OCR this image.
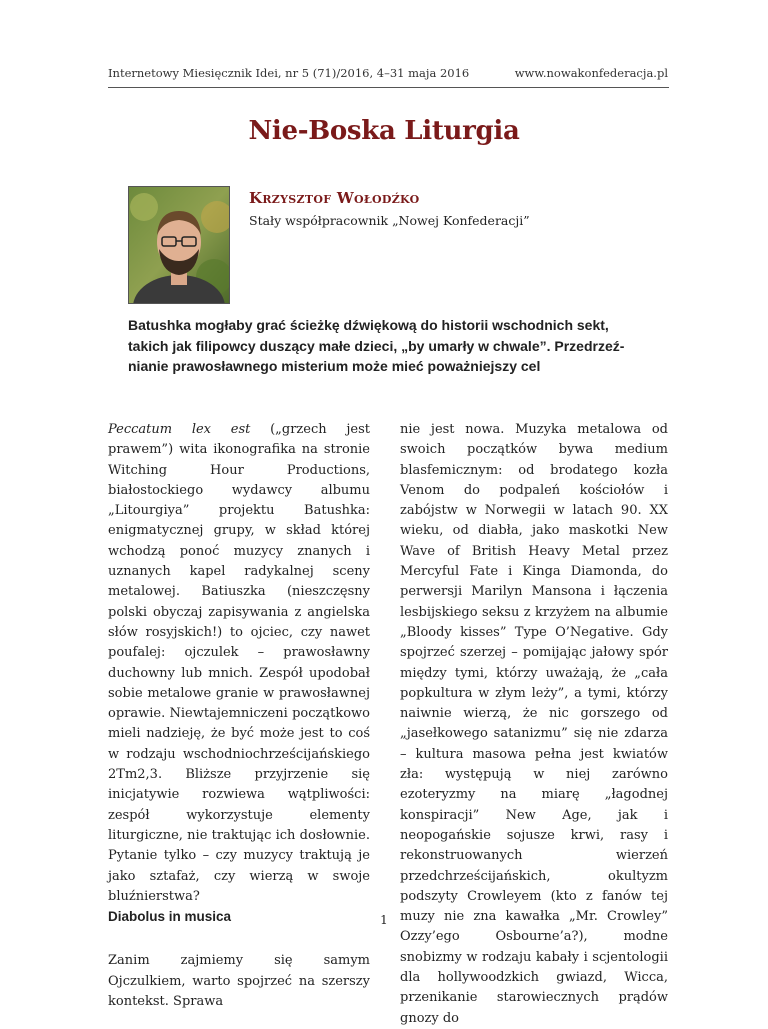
Internetowy Miesięcznik Idei, nr 5 (71)/2016, 4–31 maja 2016	www.nowakonfederacja.pl
Nie-Boska Liturgia
Krzysztof Wołodźko
Stały współpracownik „Nowej Konfederacji”

Batushka mogłaby grać ścieżkę dźwiękową do historii wschodnich sekt, takich jak filipowcy duszący małe dzieci, „by umarły w chwale”. Przedrzeźnianie prawosławnego misterium może mieć poważniejszy cel

Peccatum lex est („grzech jest prawem”) wita ikonografika na stronie Witching Hour Productions, białostockiego wydawcy albumu „Litourgiya” projektu Batushka: enigmatycznej grupy, w skład której wchodzą ponoć muzycy znanych i uznanych kapel radykalnej sceny metalowej. Batiuszka (nieszczęsny polski obyczaj zapisywania z angielska słów rosyjskich!) to ojciec, czy nawet poufalej: ojczulek – prawosławny duchowny lub mnich. Zespół upodobał sobie metalowe granie w prawosławnej oprawie. Niewtajemniczeni początkowo mieli nadzieję, że być może jest to coś w rodzaju wschodniochrześcijańskiego 2Tm2,3. Bliższe przyjrzenie się inicjatywie rozwiewa wątpliwości: zespół wykorzystuje elementy liturgiczne, nie traktując ich dosłownie. Pytanie tylko – czy muzycy traktują je jako sztafaż, czy wierzą w swoje bluźnierstwa?

Diabolus in musica

Zanim zajmiemy się samym Ojczulkiem, warto spojrzeć na szerszy kontekst. Sprawa

nie jest nowa. Muzyka metalowa od swoich początków bywa medium blasfemicznym: od brodatego kozła Venom do podpaleń kościołów i zabójstw w Norwegii w latach 90. XX wieku, od diabła, jako maskotki New Wave of British Heavy Metal przez Mercyful Fate i Kinga Diamonda, do perwersji Marilyn Mansona i łączenia lesbijskiego seksu z krzyżem na albumie „Bloody kisses” Type O’Negative. Gdy spojrzeć szerzej – pomijając jałowy spór między tymi, którzy uważają, że „cała popkultura w złym leży”, a tymi, którzy naiwnie wierzą, że nic gorszego od „jasełkowego satanizmu” się nie zdarza – kultura masowa pełna jest kwiatów zła: występują w niej zarówno ezoteryzmy na miarę „łagodnej konspiracji” New Age, jak i neopogańskie sojusze krwi, rasy i rekonstruowanych wierzeń przedchrześcijańskich, okultyzm podszyty Crowleyem (kto z fanów tej muzy nie zna kawałka „Mr. Crowley” Ozzy’ego Osbourne’a?), modne snobizmy w rodzaju kabały i scjentologii dla hollywoodzkich gwiazd, Wicca, przenikanie starowiecznych prądów gnozy do

1
